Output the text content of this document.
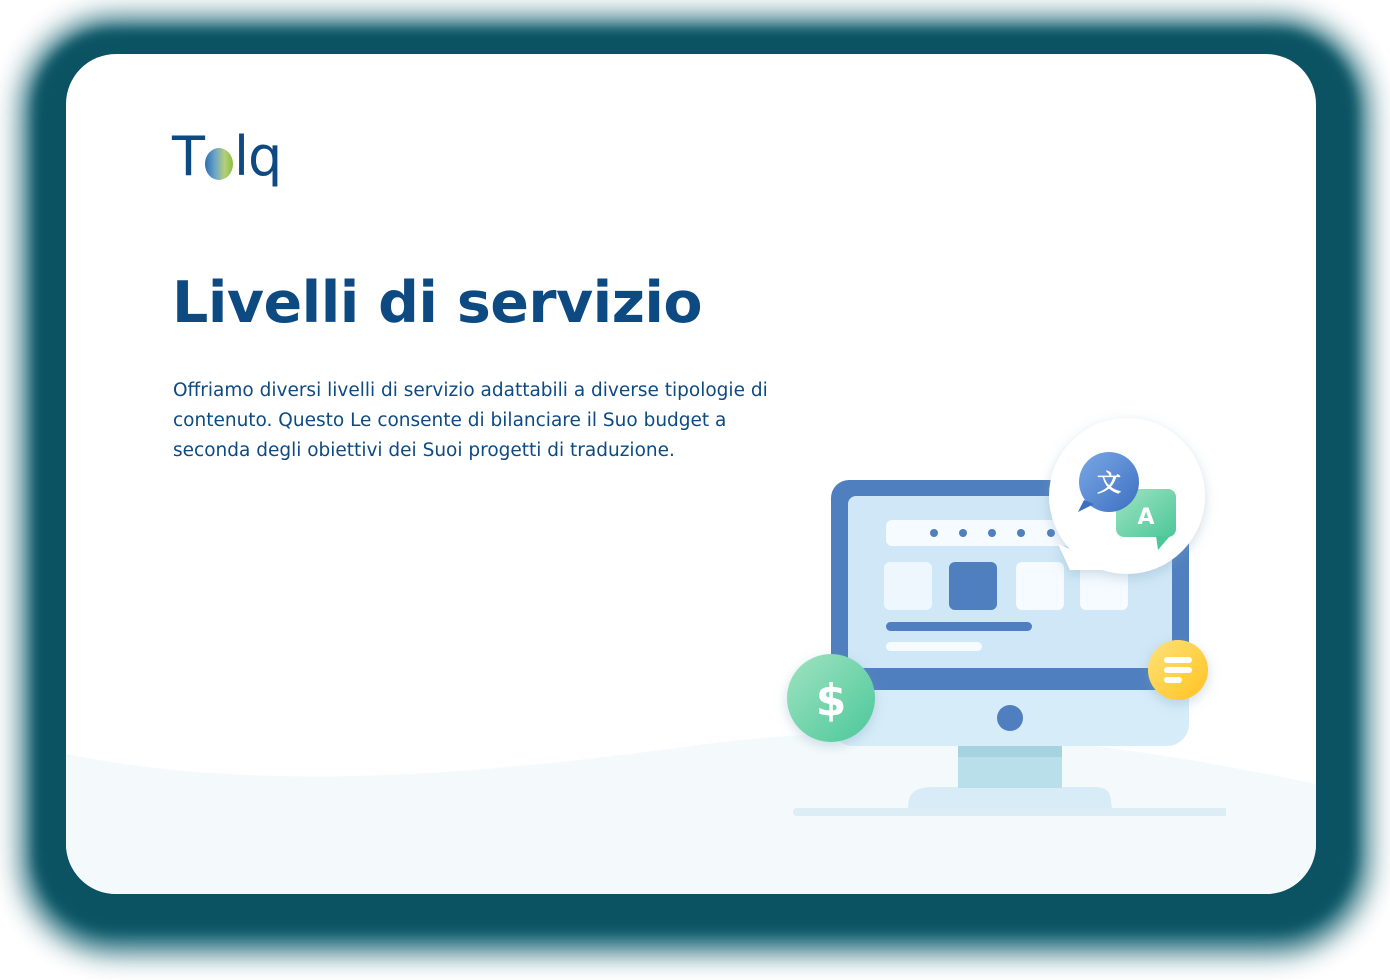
T lq
Livelli di servizio

Offriamo diversi livelli di servizio adattabili a diverse tipologie di contenuto. Questo Le consente di bilanciare il Suo budget a seconda degli obiettivi dei Suoi progetti di traduzione.

A
文
$
